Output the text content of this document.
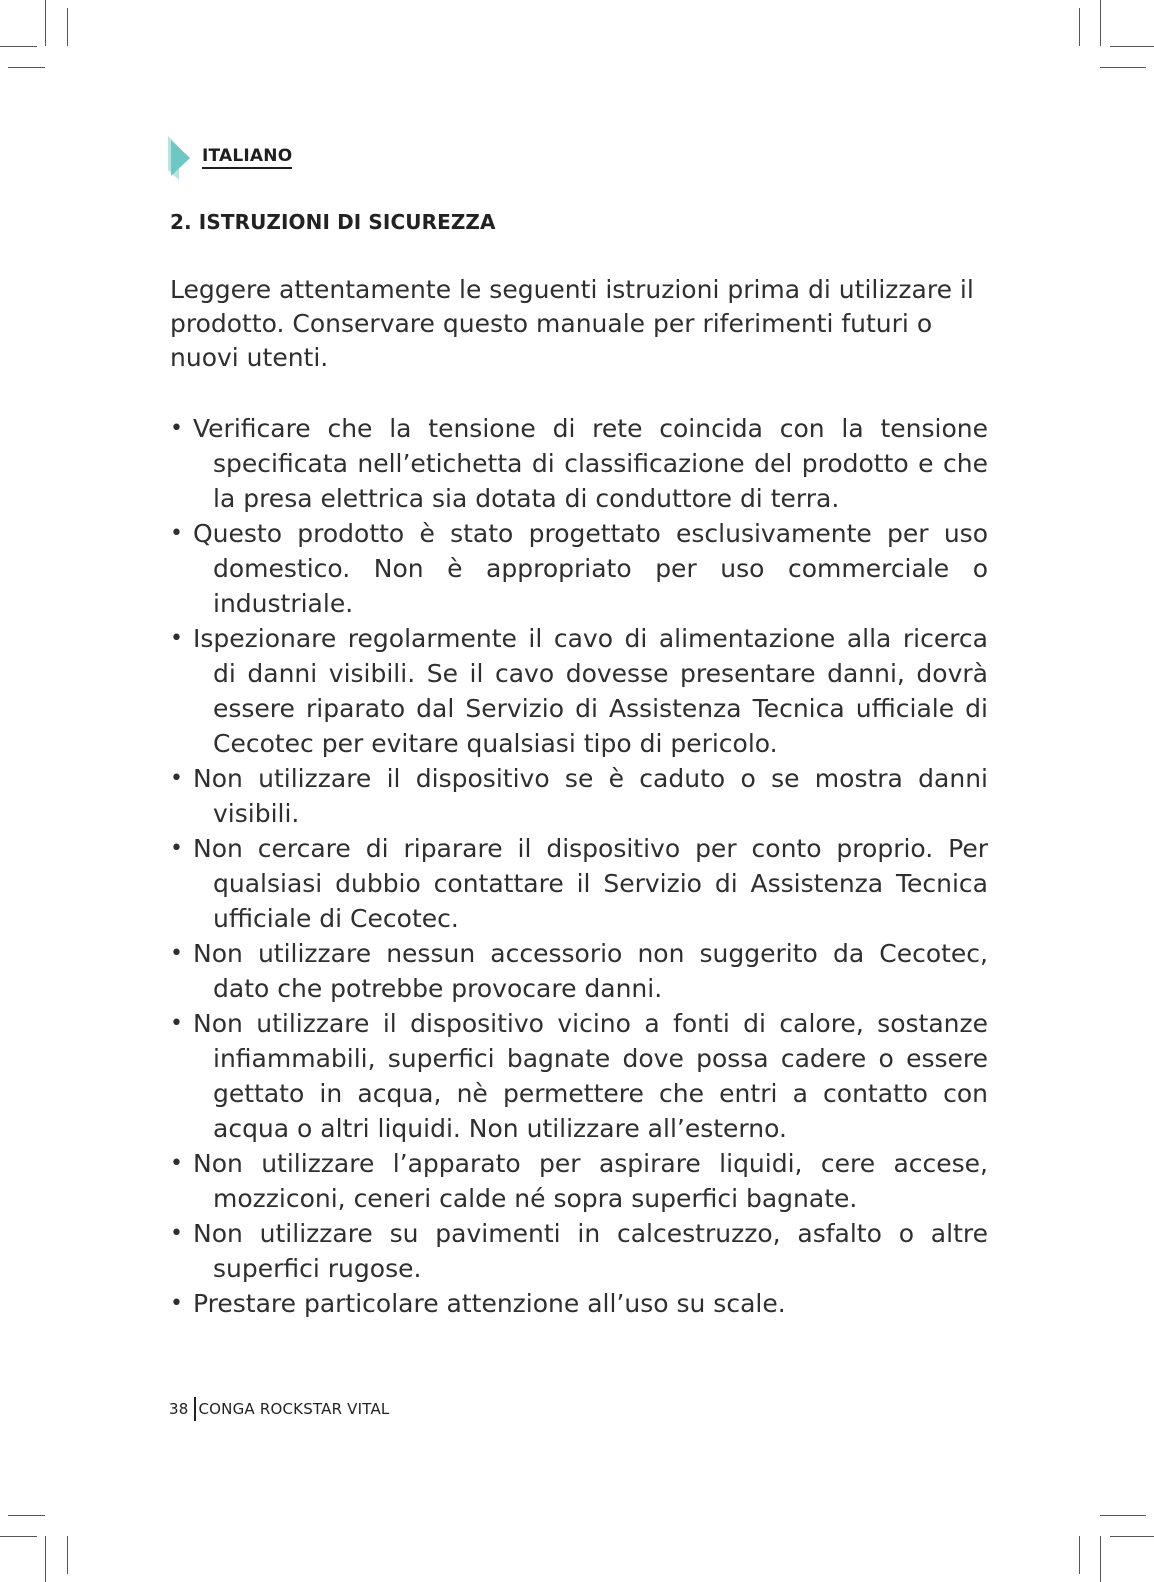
ITALIANO
2. ISTRUZIONI DI SICUREZZA

Leggere attentamente le seguenti istruzioni prima di utilizzare il prodotto. Conservare questo manuale per riferimenti futuri o nuovi utenti.

• Verificare che la tensione di rete coincida con la tensione specificata nell’etichetta di classificazione del prodotto e che la presa elettrica sia dotata di conduttore di terra.
• Questo prodotto è stato progettato esclusivamente per uso domestico. Non è appropriato per uso commerciale o industriale.
• Ispezionare regolarmente il cavo di alimentazione alla ricerca di danni visibili. Se il cavo dovesse presentare danni, dovrà essere riparato dal Servizio di Assistenza Tecnica ufficiale di Cecotec per evitare qualsiasi tipo di pericolo.
• Non utilizzare il dispositivo se è caduto o se mostra danni visibili.
• Non cercare di riparare il dispositivo per conto proprio. Per qualsiasi dubbio contattare il Servizio di Assistenza Tecnica ufficiale di Cecotec.
• Non utilizzare nessun accessorio non suggerito da Cecotec, dato che potrebbe provocare danni.
• Non utilizzare il dispositivo vicino a fonti di calore, sostanze infiammabili, superfici bagnate dove possa cadere o essere gettato in acqua, nè permettere che entri a contatto con acqua o altri liquidi. Non utilizzare all’esterno.
• Non utilizzare l’apparato per aspirare liquidi, cere accese, mozziconi, ceneri calde né sopra superfici bagnate.
• Non utilizzare su pavimenti in calcestruzzo, asfalto o altre superfici rugose.
• Prestare particolare attenzione all’uso su scale.
38 CONGA ROCKSTAR VITAL
